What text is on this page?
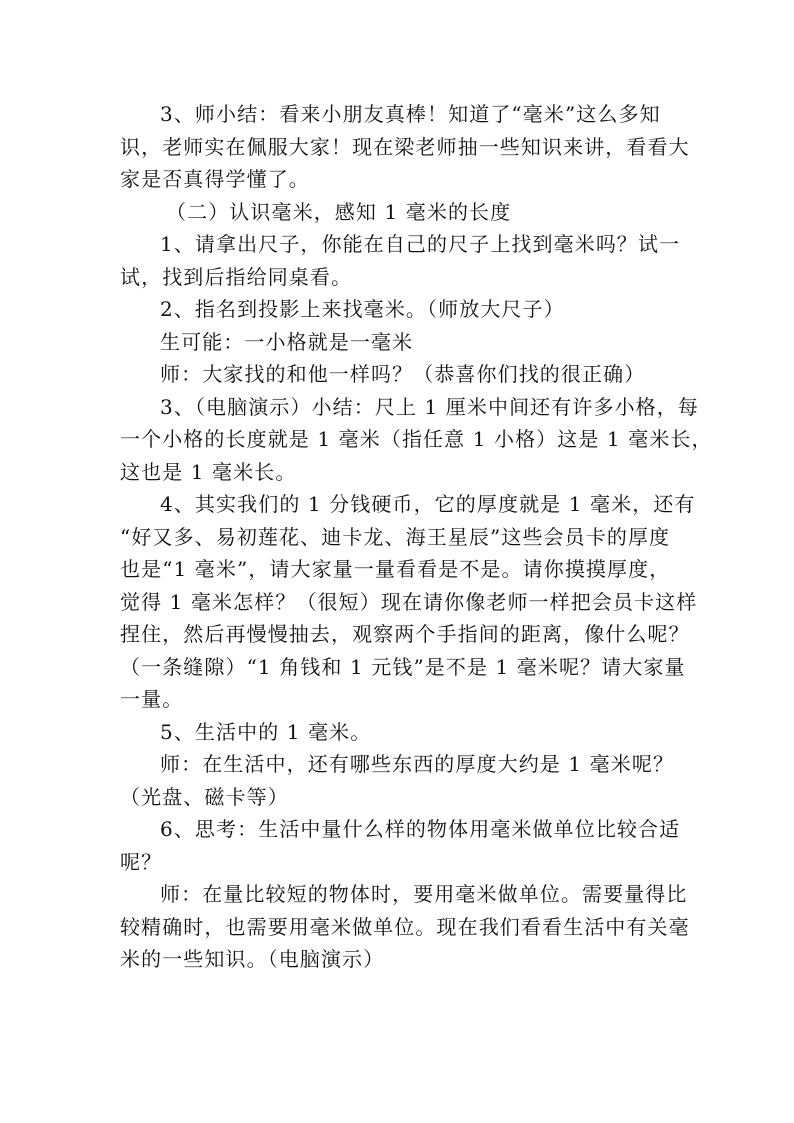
3、师小结：看来小朋友真棒！知道了“毫米”这么多知
识，老师实在佩服大家！现在梁老师抽一些知识来讲，看看大
家是否真得学懂了。

（二）认识毫米，感知 1 毫米的长度

1、请拿出尺子，你能在自己的尺子上找到毫米吗？试一
试，找到后指给同桌看。

2、指名到投影上来找毫米。（师放大尺子）

生可能：一小格就是一毫米

师：大家找的和他一样吗？（恭喜你们找的很正确）

3、（电脑演示）小结：尺上 1 厘米中间还有许多小格，每
一个小格的长度就是 1 毫米（指任意 1 小格）这是 1 毫米长，
这也是 1 毫米长。

4、其实我们的 1 分钱硬币，它的厚度就是 1 毫米，还有
“好又多、易初莲花、迪卡龙、海王星辰”这些会员卡的厚度
也是“1 毫米”，请大家量一量看看是不是。请你摸摸厚度，
觉得 1 毫米怎样？（很短）现在请你像老师一样把会员卡这样
捏住，然后再慢慢抽去，观察两个手指间的距离，像什么呢？
（一条缝隙）“1 角钱和 1 元钱”是不是 1 毫米呢？请大家量
一量。

5、生活中的 1 毫米。

师：在生活中，还有哪些东西的厚度大约是 1 毫米呢？
（光盘、磁卡等）

6、思考：生活中量什么样的物体用毫米做单位比较合适
呢？

师：在量比较短的物体时，要用毫米做单位。需要量得比
较精确时，也需要用毫米做单位。现在我们看看生活中有关毫
米的一些知识。（电脑演示）
